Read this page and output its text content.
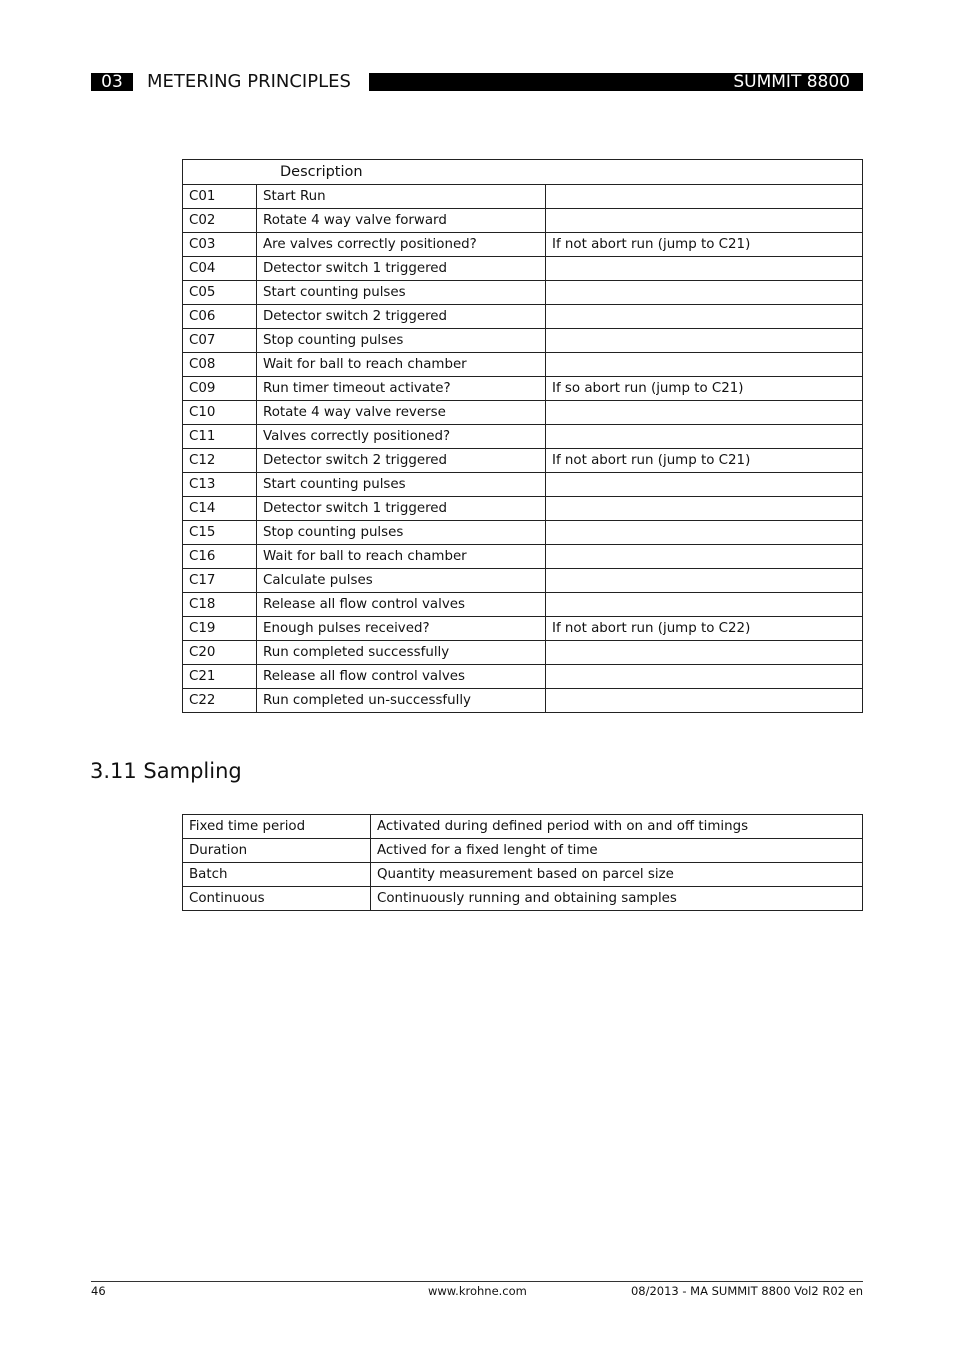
03	METERING PRINCIPLES	SUMMIT 8800
Description		
C01	Start Run	
C02	Rotate 4 way valve forward	
C03	Are valves correctly positioned?	If not abort run (jump to C21)
C04	Detector switch 1 triggered	
C05	Start counting pulses	
C06	Detector switch 2 triggered	
C07	Stop counting pulses	
C08	Wait for ball to reach chamber	
C09	Run timer timeout activate?	If so abort run (jump to C21)
C10	Rotate 4 way valve reverse	
C11	Valves correctly positioned?	
C12	Detector switch 2 triggered	If not abort run (jump to C21)
C13	Start counting pulses	
C14	Detector switch 1 triggered	
C15	Stop counting pulses	
C16	Wait for ball to reach chamber	
C17	Calculate pulses	
C18	Release all flow control valves	
C19	Enough pulses received?	If not abort run (jump to C22)
C20	Run completed successfully	
C21	Release all flow control valves	
C22	Run completed un-successfully	
3.11 Sampling
Fixed time period	Activated during defined period with on and off timings
Duration	Actived for a fixed lenght of time
Batch	Quantity measurement based on parcel size
Continuous	Continuously running and obtaining samples
46	www.krohne.com	08/2013 - MA SUMMIT 8800 Vol2 R02 en
